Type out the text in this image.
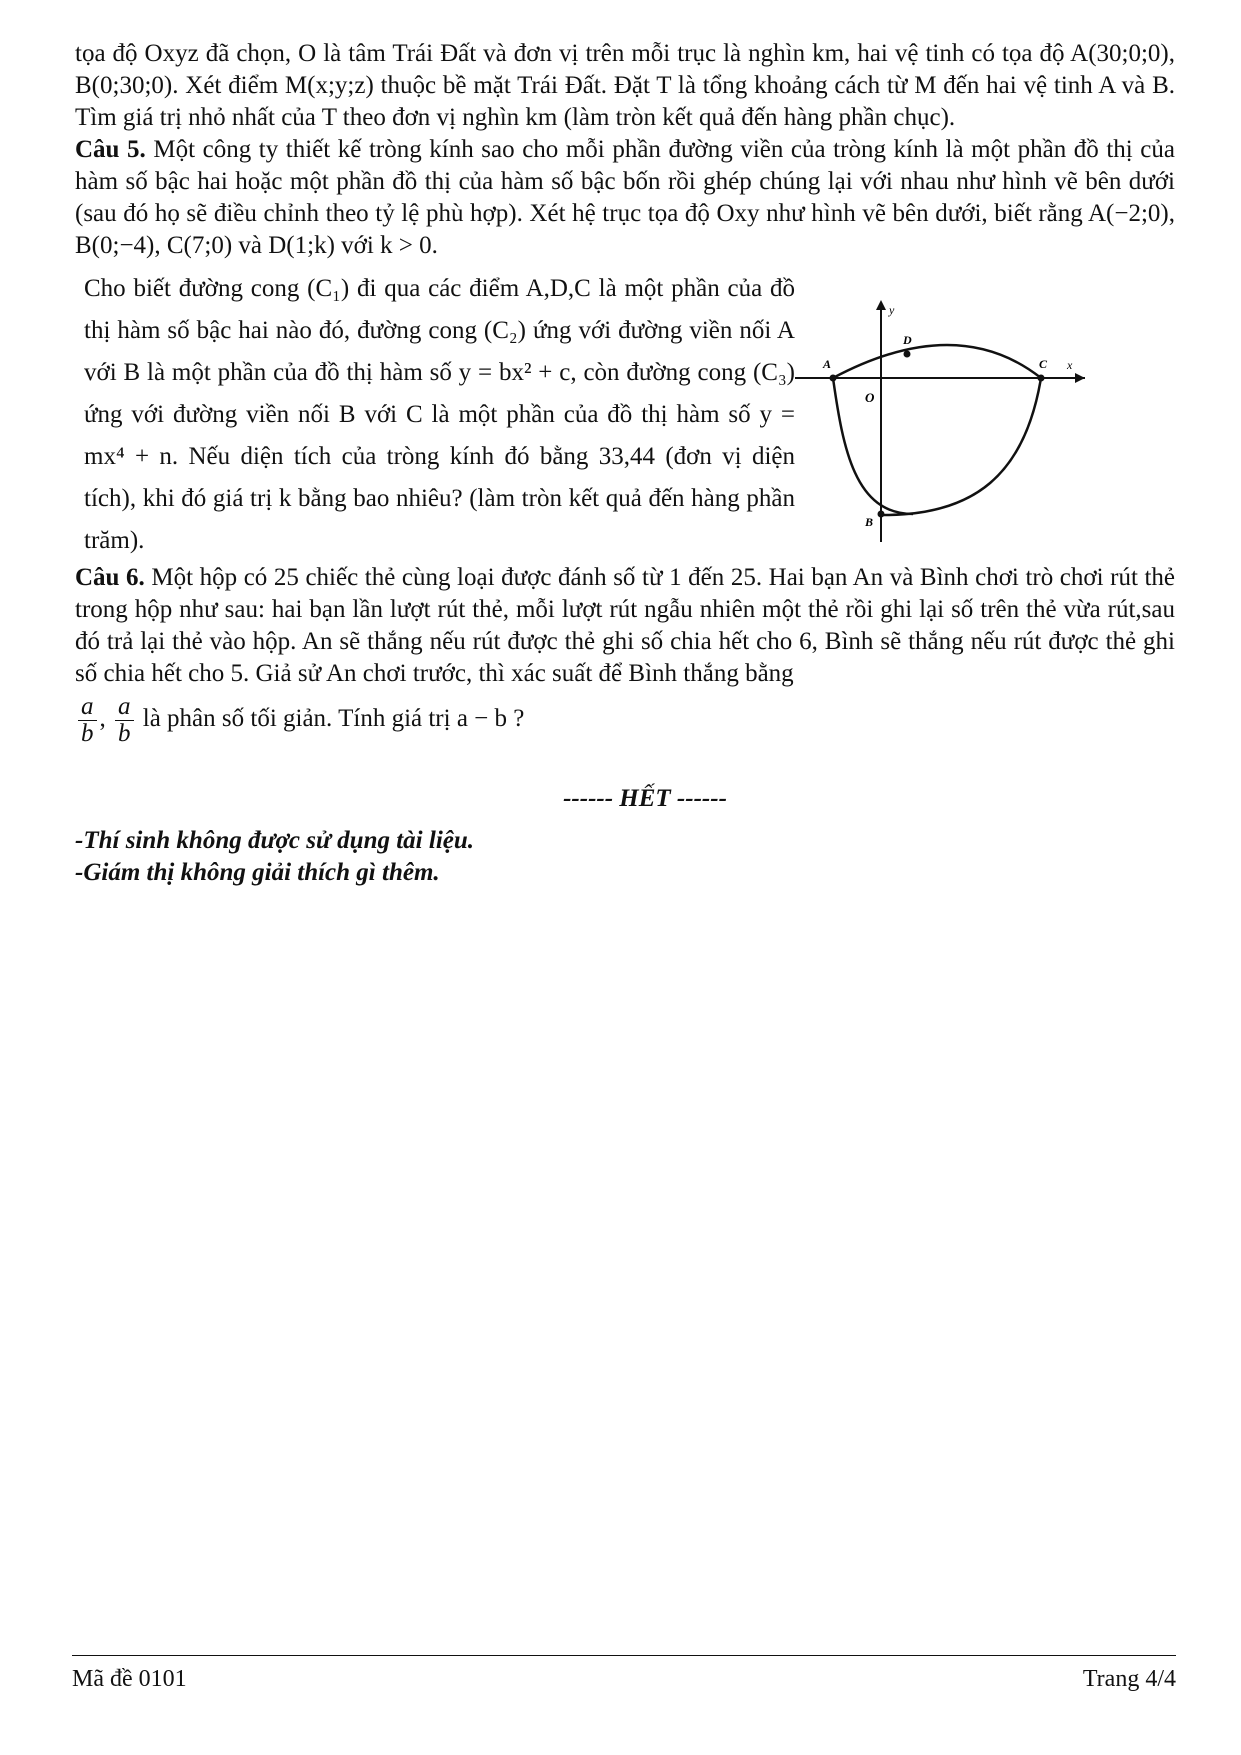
tọa độ Oxyz đã chọn, O là tâm Trái Đất và đơn vị trên mỗi trục là nghìn km, hai vệ tinh có tọa độ A(30;0;0), B(0;30;0). Xét điểm M(x;y;z) thuộc bề mặt Trái Đất. Đặt T là tổng khoảng cách từ M đến hai vệ tinh A và B. Tìm giá trị nhỏ nhất của T theo đơn vị nghìn km (làm tròn kết quả đến hàng phần chục).

Câu 5. Một công ty thiết kế tròng kính sao cho mỗi phần đường viền của tròng kính là một phần đồ thị của hàm số bậc hai hoặc một phần đồ thị của hàm số bậc bốn rồi ghép chúng lại với nhau như hình vẽ bên dưới (sau đó họ sẽ điều chỉnh theo tỷ lệ phù hợp). Xét hệ trục tọa độ Oxy như hình vẽ bên dưới, biết rằng A(−2;0), B(0;−4), C(7;0) và D(1;k) với k > 0.

Cho biết đường cong (C₁) đi qua các điểm A,D,C là một phần của đồ thị hàm số bậc hai nào đó, đường cong (C₂) ứng với đường viền nối A với B là một phần của đồ thị hàm số y = bx² + c, còn đường cong (C₃) ứng với đường viền nối B với C là một phần của đồ thị hàm số y = mx⁴ + n. Nếu diện tích của tròng kính đó bằng 33,44 (đơn vị diện tích), khi đó giá trị k bằng bao nhiêu? (làm tròn kết quả đến hàng phần trăm).
y
x
O
A
D
C
B

Câu 6. Một hộp có 25 chiếc thẻ cùng loại được đánh số từ 1 đến 25. Hai bạn An và Bình chơi trò chơi rút thẻ trong hộp như sau: hai bạn lần lượt rút thẻ, mỗi lượt rút ngẫu nhiên một thẻ rồi ghi lại số trên thẻ vừa rút,sau đó trả lại thẻ vào hộp. An sẽ thắng nếu rút được thẻ ghi số chia hết cho 6, Bình sẽ thắng nếu rút được thẻ ghi số chia hết cho 5. Giả sử An chơi trước, thì xác suất để Bình thắng bằng

$\frac{a}{b}$ , $\frac{a}{b}$ là phân số tối giản. Tính giá trị a − b ?

------ HẾT ------

-Thí sinh không được sử dụng tài liệu.

-Giám thị không giải thích gì thêm.

Mã đề 0101	Trang 4/4
